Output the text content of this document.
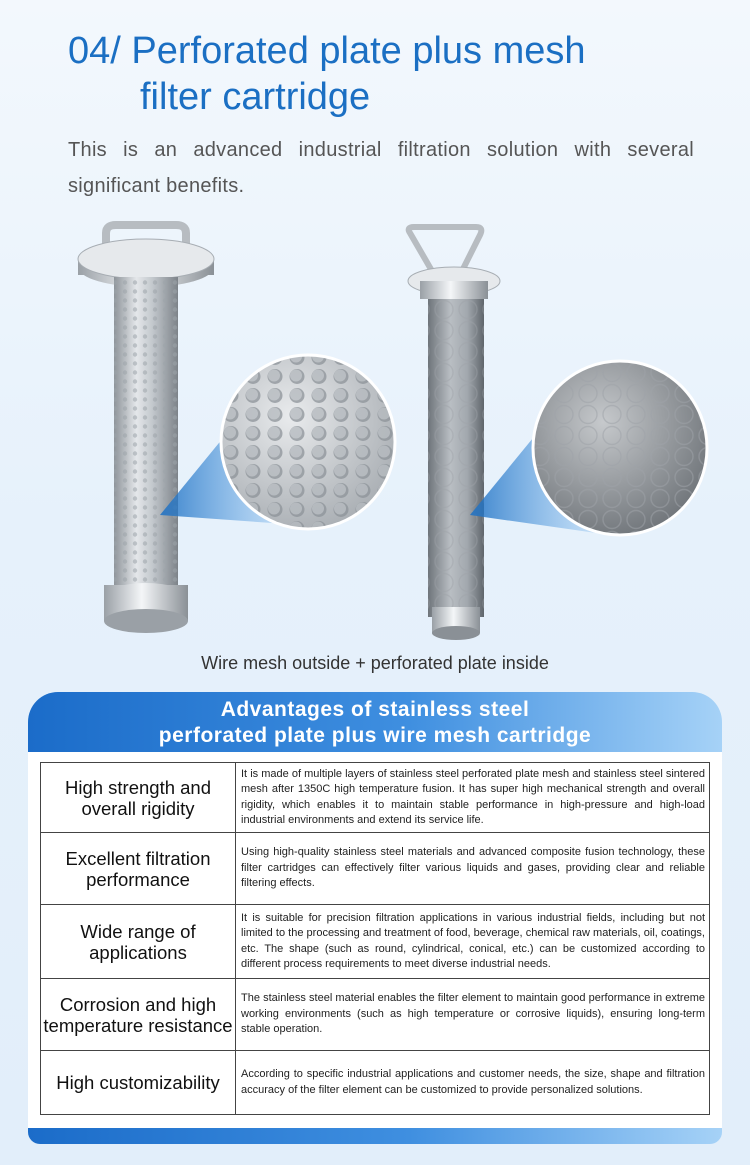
04/ Perforated plate plus mesh
filter cartridge

This is an advanced industrial filtration solution with several significant benefits.

Wire mesh outside + perforated plate inside
Advantages of stainless steel
perforated plate plus wire mesh cartridge
High strength and overall rigidity	It is made of multiple layers of stainless steel perforated plate mesh and stainless steel sintered mesh after 1350C high temperature fusion. It has super high mechanical strength and overall rigidity, which enables it to maintain stable performance in high-pressure and high-load industrial environments and extend its service life.
Excellent filtration performance	Using high-quality stainless steel materials and advanced composite fusion technology, these filter cartridges can effectively filter various liquids and gases, providing clear and reliable filtering effects.
Wide range of applications	It is suitable for precision filtration applications in various industrial fields, including but not limited to the processing and treatment of food, beverage, chemical raw materials, oil, coatings, etc. The shape (such as round, cylindrical, conical, etc.) can be customized according to different process requirements to meet diverse industrial needs.
Corrosion and high temperature resistance	The stainless steel material enables the filter element to maintain good performance in extreme working environments (such as high temperature or corrosive liquids), ensuring long-term stable operation.
High customizability	According to specific industrial applications and customer needs, the size, shape and filtration accuracy of the filter element can be customized to provide personalized solutions.
